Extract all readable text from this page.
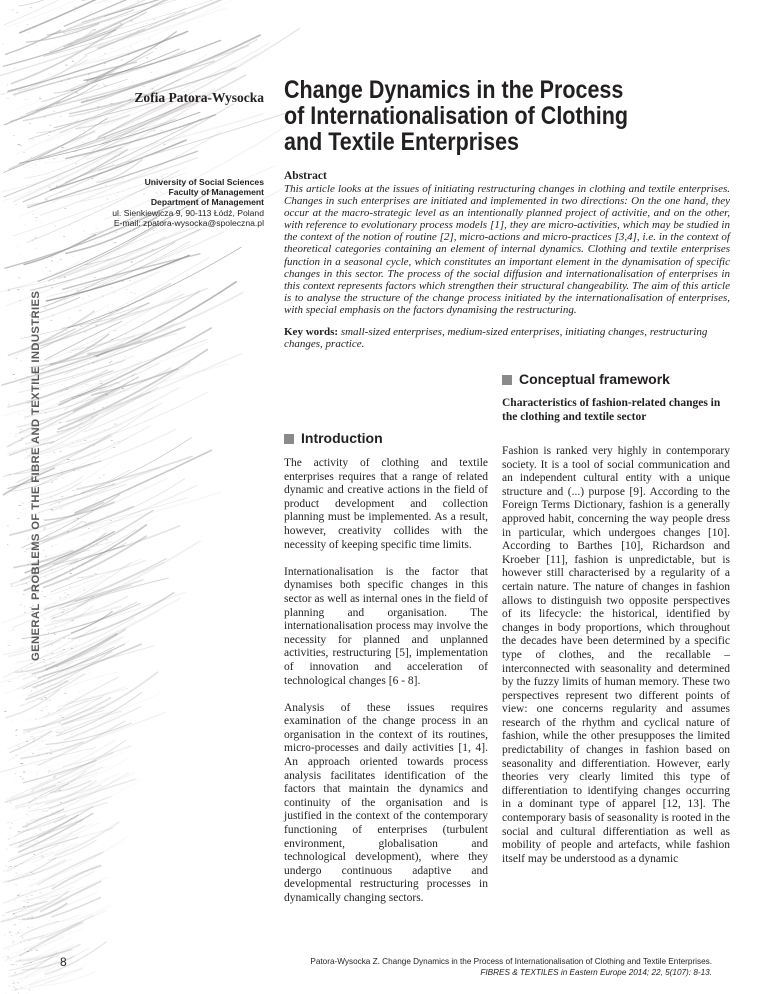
GENERAL PROBLEMS OF THE FIBRE AND TEXTILE INDUSTRIES
Zofia Patora-Wysocka
University of Social Sciences
Faculty of Management
Department of Management
ul. Sienkiewicza 9, 90-113 Łódź, Poland
E-mail: zpatora-wysocka@spoleczna.pl
Change Dynamics in the Process
of Internationalisation of Clothing
and Textile Enterprises
Abstract
This article looks at the issues of initiating restructuring changes in clothing and textile enterprises. Changes in such enterprises are initiated and implemented in two directions: On the one hand, they occur at the macro-strategic level as an intentionally planned project of activitie, and on the other, with reference to evolutionary process models [1], they are micro-activities, which may be studied in the context of the notion of routine [2], micro-actions and micro-practices [3,4], i.e. in the context of theoretical categories containing an element of internal dynamics. Clothing and textile enterprises function in a seasonal cycle, which constitutes an important element in the dynamisation of specific changes in this sector. The process of the social diffusion and internationalisation of enterprises in this context represents factors which strengthen their structural changeability. The aim of this article is to analyse the structure of the change process initiated by the internationalisation of enterprises, with special emphasis on the factors dynamising the restructuring.
Key words: small-sized enterprises, medium-sized enterprises, initiating changes, restructuring changes, practice.
Introduction

The activity of clothing and textile enterprises requires that a range of related dynamic and creative actions in the field of product development and collection planning must be implemented. As a result, however, creativity collides with the necessity of keeping specific time limits.

Internationalisation is the factor that dynamises both specific changes in this sector as well as internal ones in the field of planning and organisation. The internationalisation process may involve the necessity for planned and unplanned activities, restructuring [5], implementation of innovation and acceleration of technological changes [6 - 8].

Analysis of these issues requires examination of the change process in an organisation in the context of its routines, micro-processes and daily activities [1, 4]. An approach oriented towards process analysis facilitates identification of the factors that maintain the dynamics and continuity of the organisation and is justified in the context of the contemporary functioning of enterprises (turbulent environment, globalisation and technological development), where they undergo continuous adaptive and developmental restructuring processes in dynamically changing sectors.

Conceptual framework
Characteristics of fashion-related changes in the clothing and textile sector

Fashion is ranked very highly in contemporary society. It is a tool of social communication and an independent cultural entity with a unique structure and (...) purpose [9]. According to the Foreign Terms Dictionary, fashion is a generally approved habit, concerning the way people dress in particular, which undergoes changes [10]. According to Barthes [10], Richardson and Kroeber [11], fashion is unpredictable, but is however still characterised by a regularity of a certain nature. The nature of changes in fashion allows to distinguish two opposite perspectives of its lifecycle: the historical, identified by changes in body proportions, which throughout the decades have been determined by a specific type of clothes, and the recallable – interconnected with seasonality and determined by the fuzzy limits of human memory. These two perspectives represent two different points of view: one concerns regularity and assumes research of the rhythm and cyclical nature of fashion, while the other presupposes the limited predictability of changes in fashion based on seasonality and differentiation. However, early theories very clearly limited this type of differentiation to identifying changes occurring in a dominant type of apparel [12, 13]. The contemporary basis of seasonality is rooted in the social and cultural differentiation as well as mobility of people and artefacts, while fashion itself may be understood as a dynamic

8	Patora-Wysocka Z. Change Dynamics in the Process of Internationalisation of Clothing and Textile Enterprises.
FIBRES & TEXTILES in Eastern Europe 2014; 22, 5(107): 8-13.
